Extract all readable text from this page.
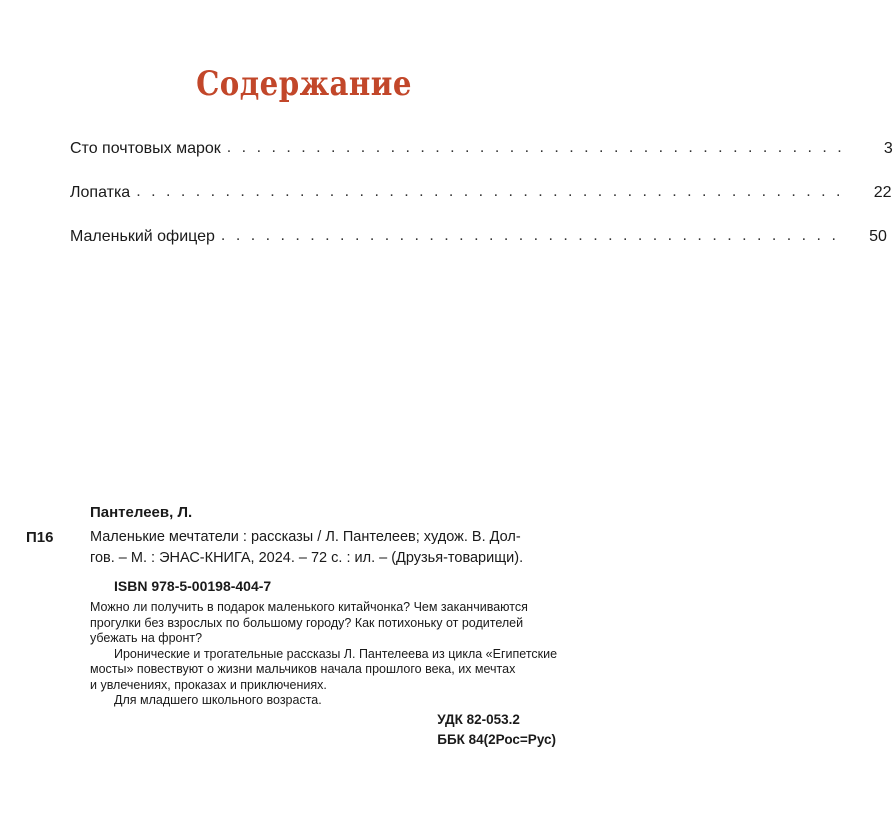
Содержание
Сто почтовых марок . . . . . . . . . . . . . . . . . . . . . . . . . . . . . . . . . . . . . . . . . .	3
Лопатка . . . . . . . . . . . . . . . . . . . . . . . . . . . . . . . . . . . . . . . . . . . . . . . .	22
Маленький офицер . . . . . . . . . . . . . . . . . . . . . . . . . . . . . . . . . . . . . . . . . .	50
Пантелеев, Л.
П16	Маленькие мечтатели : рассказы / Л. Пантелеев; худож. В. Дол-
гов. – М. : ЭНАС-КНИГА, 2024. – 72 с. : ил. – (Друзья-товарищи).
ISBN 978-5-00198-404-7

Можно ли получить в подарок маленького китайчонка? Чем заканчиваются
прогулки без взрослых по большому городу? Как потихоньку от родителей
убежать на фронт?

Иронические и трогательные рассказы Л. Пантелеева из цикла «Египетские
мосты» повествуют о жизни мальчиков начала прошлого века, их мечтах
и увлечениях, проказах и приключениях.

Для младшего школьного возраста.

УДК 82-053.2
ББК 84(2Рос=Рус)
